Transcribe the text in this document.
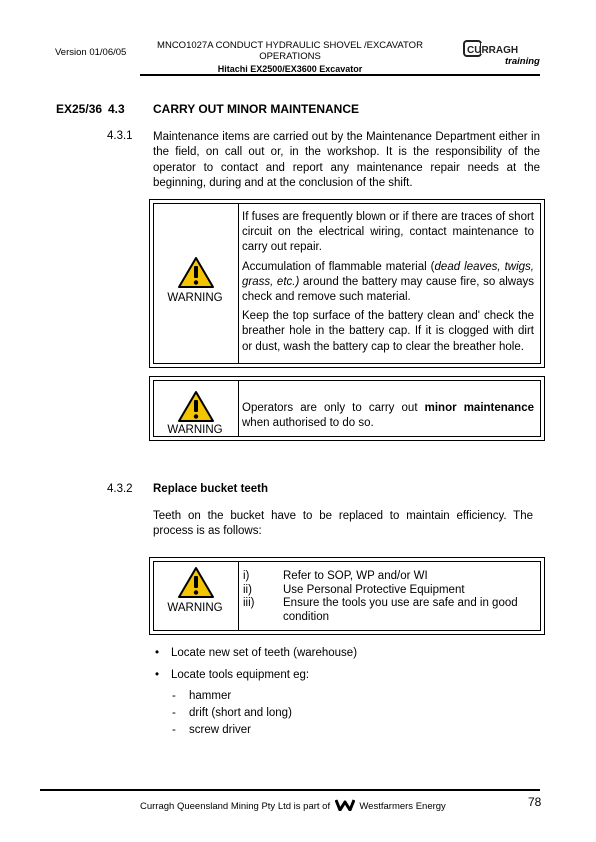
Version 01/06/05
MNCO1027A CONDUCT HYDRAULIC SHOVEL /EXCAVATOR
OPERATIONS
Hitachi EX2500/EX3600 Excavator
CURRAGH
training
EX25/36 4.3 CARRY OUT MINOR MAINTENANCE
4.3.1 Maintenance items are carried out by the Maintenance Department either in the field, on call out or, in the workshop. It is the responsibility of the operator to contact and report any maintenance repair needs at the beginning, during and at the conclusion of the shift.
WARNING

If fuses are frequently blown or if there are traces of short circuit on the electrical wiring, contact maintenance to carry out repair.

Accumulation of flammable material (dead leaves, twigs, grass, etc.) around the battery may cause fire, so always check and remove such material.

Keep the top surface of the battery clean and' check the breather hole in the battery cap. If it is clogged with dirt or dust, wash the battery cap to clear the breather hole.

WARNING
Operators are only to carry out minor maintenance when authorised to do so.
4.3.2 Replace bucket teeth
Teeth on the bucket have to be replaced to maintain efficiency. The process is as follows:
WARNING
i)	Refer to SOP, WP and/or WI
ii)	Use Personal Protective Equipment
iii) Ensure the tools you use are safe and in good condition
• Locate new set of teeth (warehouse)
• Locate tools equipment eg:
- hammer
- drift (short and long)
- screw driver
Curragh Queensland Mining Pty Ltd is part of	Westfarmers Energy	78
